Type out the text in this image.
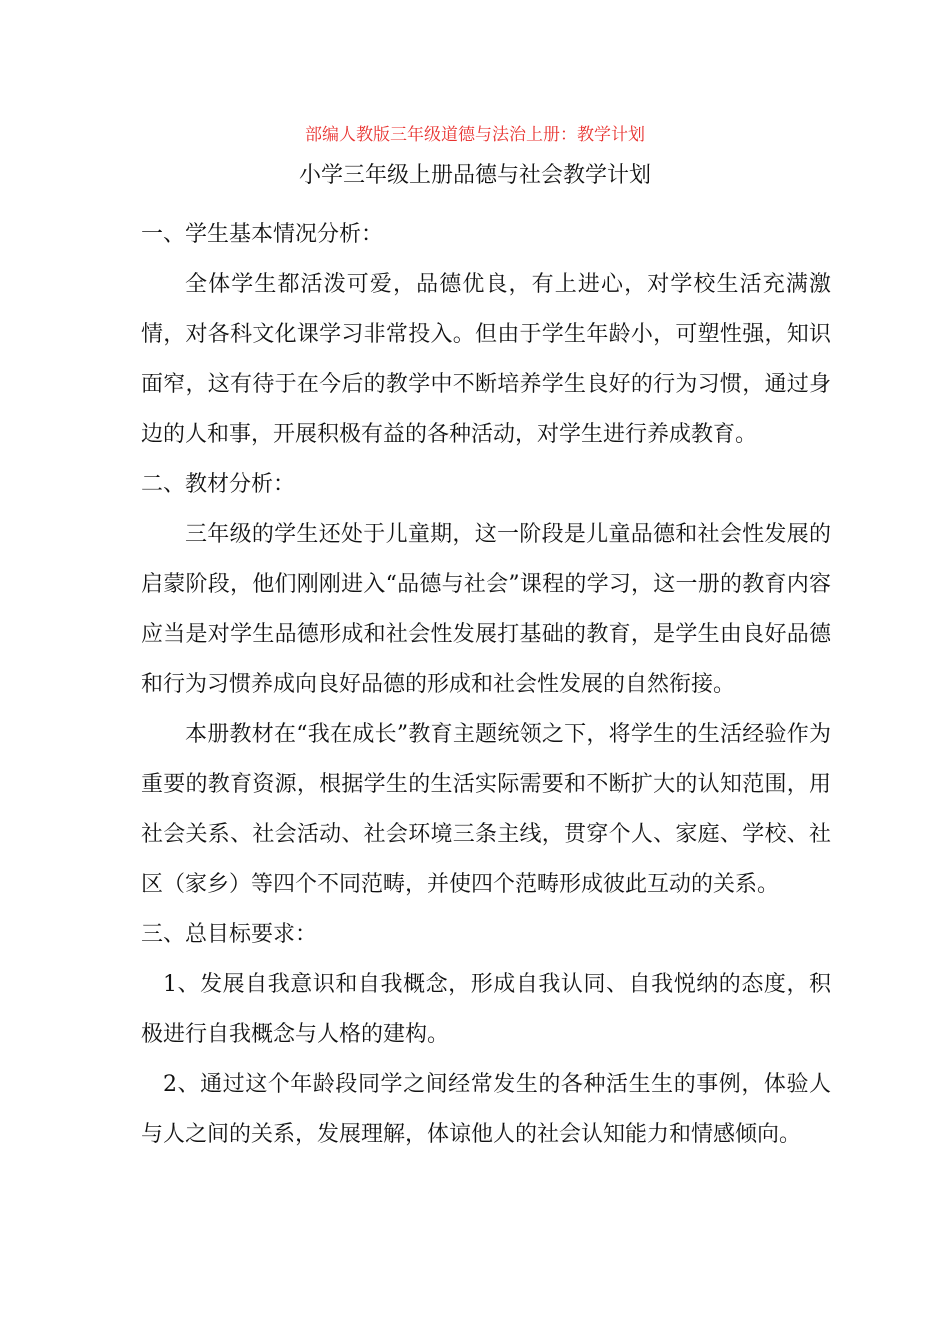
部编人教版三年级道德与法治上册：教学计划
小学三年级上册品德与社会教学计划

一、学生基本情况分析：

全体学生都活泼可爱，品德优良，有上进心，对学校生活充满激情，对各科文化课学习非常投入。但由于学生年龄小，可塑性强，知识面窄，这有待于在今后的教学中不断培养学生良好的行为习惯，通过身边的人和事，开展积极有益的各种活动，对学生进行养成教育。

二、教材分析：

三年级的学生还处于儿童期，这一阶段是儿童品德和社会性发展的启蒙阶段，他们刚刚进入“品德与社会”课程的学习，这一册的教育内容应当是对学生品德形成和社会性发展打基础的教育，是学生由良好品德和行为习惯养成向良好品德的形成和社会性发展的自然衔接。

本册教材在“我在成长”教育主题统领之下，将学生的生活经验作为重要的教育资源，根据学生的生活实际需要和不断扩大的认知范围，用社会关系、社会活动、社会环境三条主线，贯穿个人、家庭、学校、社区（家乡）等四个不同范畴，并使四个范畴形成彼此互动的关系。

三、总目标要求：

1、发展自我意识和自我概念，形成自我认同、自我悦纳的态度，积极进行自我概念与人格的建构。

2、通过这个年龄段同学之间经常发生的各种活生生的事例，体验人与人之间的关系，发展理解，体谅他人的社会认知能力和情感倾向。
